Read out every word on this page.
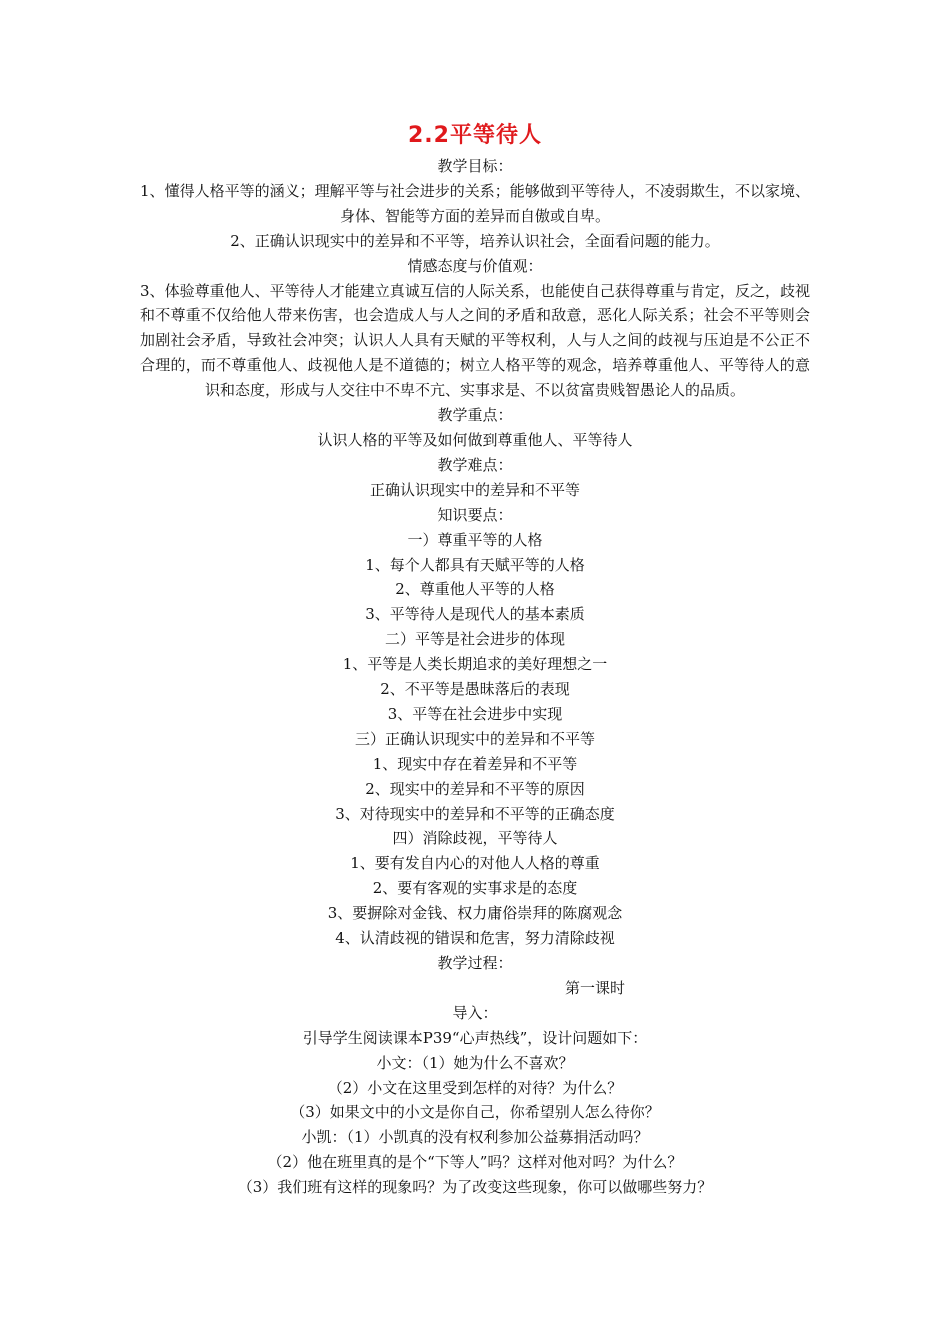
2.2平等待人

教学目标：

1、懂得人格平等的涵义；理解平等与社会进步的关系；能够做到平等待人，不凌弱欺生，不以家境、身体、智能等方面的差异而自傲或自卑。

2、正确认识现实中的差异和不平等，培养认识社会，全面看问题的能力。

情感态度与价值观：

3、体验尊重他人、平等待人才能建立真诚互信的人际关系，也能使自己获得尊重与肯定，反之，歧视和不尊重不仅给他人带来伤害，也会造成人与人之间的矛盾和敌意，恶化人际关系；社会不平等则会加剧社会矛盾，导致社会冲突；认识人人具有天赋的平等权利，人与人之间的歧视与压迫是不公正不合理的，而不尊重他人、歧视他人是不道德的；树立人格平等的观念，培养尊重他人、平等待人的意识和态度，形成与人交往中不卑不亢、实事求是、不以贫富贵贱智愚论人的品质。

教学重点：

认识人格的平等及如何做到尊重他人、平等待人

教学难点：

正确认识现实中的差异和不平等

知识要点：

一）尊重平等的人格

1、每个人都具有天赋平等的人格

2、尊重他人平等的人格

3、平等待人是现代人的基本素质

二）平等是社会进步的体现

1、平等是人类长期追求的美好理想之一

2、不平等是愚昧落后的表现

3、平等在社会进步中实现

三）正确认识现实中的差异和不平等

1、现实中存在着差异和不平等

2、现实中的差异和不平等的原因

3、对待现实中的差异和不平等的正确态度

四）消除歧视，平等待人

1、要有发自内心的对他人人格的尊重

2、要有客观的实事求是的态度

3、要摒除对金钱、权力庸俗崇拜的陈腐观念

4、认清歧视的错误和危害，努力清除歧视

教学过程：

第一课时

导入：

引导学生阅读课本P39“心声热线”，设计问题如下：

小文：（1）她为什么不喜欢？

（2）小文在这里受到怎样的对待？为什么？

（3）如果文中的小文是你自己，你希望别人怎么待你？

小凯：（1）小凯真的没有权利参加公益募捐活动吗？

（2）他在班里真的是个“下等人”吗？这样对他对吗？为什么？

（3）我们班有这样的现象吗？为了改变这些现象，你可以做哪些努力？
